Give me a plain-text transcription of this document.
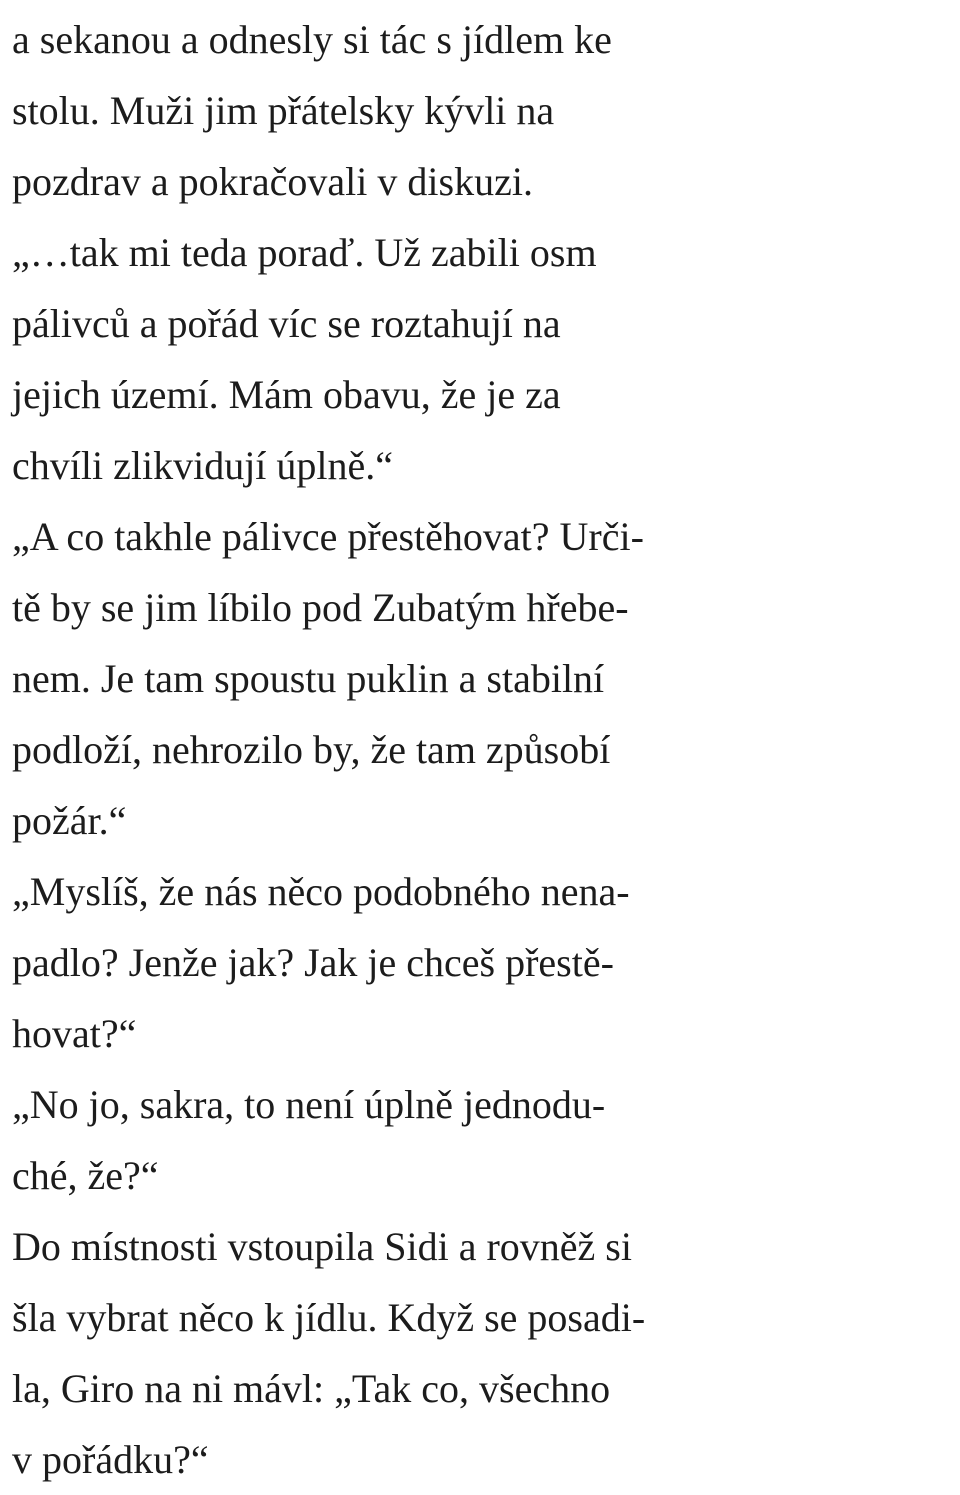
a sekanou a odnesly si tác s jídlem ke
stolu. Muži jim přátelsky kývli na
pozdrav a pokračovali v diskuzi.
„…tak mi teda poraď. Už zabili osm
pálivců a pořád víc se roztahují na
jejich území. Mám obavu, že je za
chvíli zlikvidují úplně.“
„A co takhle pálivce přestěhovat? Urči-
tě by se jim líbilo pod Zubatým hřebe-
nem. Je tam spoustu puklin a stabilní
podloží, nehrozilo by, že tam způsobí
požár.“
„Myslíš, že nás něco podobného nena-
padlo? Jenže jak? Jak je chceš přestě-
hovat?“
„No jo, sakra, to není úplně jednodu-
ché, že?“
Do místnosti vstoupila Sidi a rovněž si
šla vybrat něco k jídlu. Když se posadi-
la, Giro na ni mávl: „Tak co, všechno
v pořádku?“
